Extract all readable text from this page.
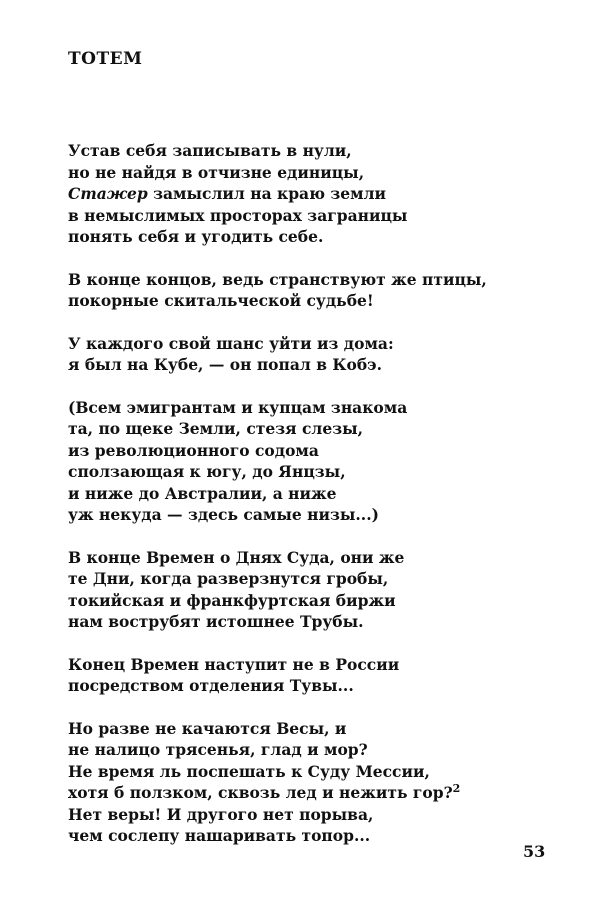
ТОТЕМ
Устав себя записывать в нули,
но не найдя в отчизне единицы,
Стажер замыслил на краю земли
в немыслимых просторах заграницы
понять себя и угодить себе.
В конце концов, ведь странствуют же птицы,
покорные скитальческой судьбе!
У каждого свой шанс уйти из дома:
я был на Кубе, — он попал в Кобэ.
(Всем эмигрантам и купцам знакома
та, по щеке Земли, стезя слезы,
из революционного содома
сползающая к югу, до Янцзы,
и ниже до Австралии, а ниже
уж некуда — здесь самые низы...)
В конце Времен о Днях Суда, они же
те Дни, когда разверзнутся гробы,
токийская и франкфуртская биржи
нам вострубят истошнее Трубы.
Конец Времен наступит не в России
посредством отделения Тувы...
Но разве не качаются Весы, и
не налицо трясенья, глад и мор?
Не время ль поспешать к Суду Мессии,
хотя б ползком, сквозь лед и нежить гор?$^2$
Нет веры! И другого нет порыва,
чем сослепу нашаривать топор...
53
